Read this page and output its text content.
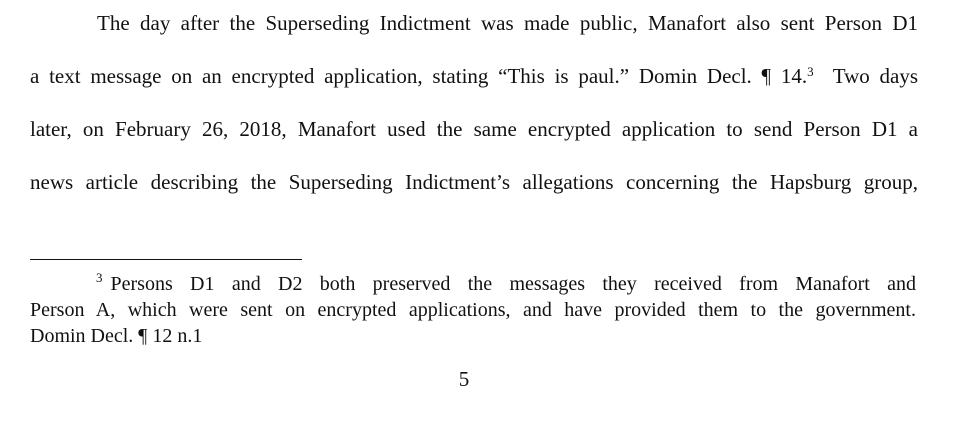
The day after the Superseding Indictment was made public, Manafort also sent Person D1
a text message on an encrypted application, stating “This is paul.” Domin Decl. ¶ 14.$^3$  Two days
later, on February 26, 2018, Manafort used the same encrypted application to send Person D1 a
news article describing the Superseding Indictment’s allegations concerning the Hapsburg group,
$^3$ Persons D1 and D2 both preserved the messages they received from Manafort and
Person A, which were sent on encrypted applications, and have provided them to the government.
Domin Decl. ¶ 12 n.1
5
